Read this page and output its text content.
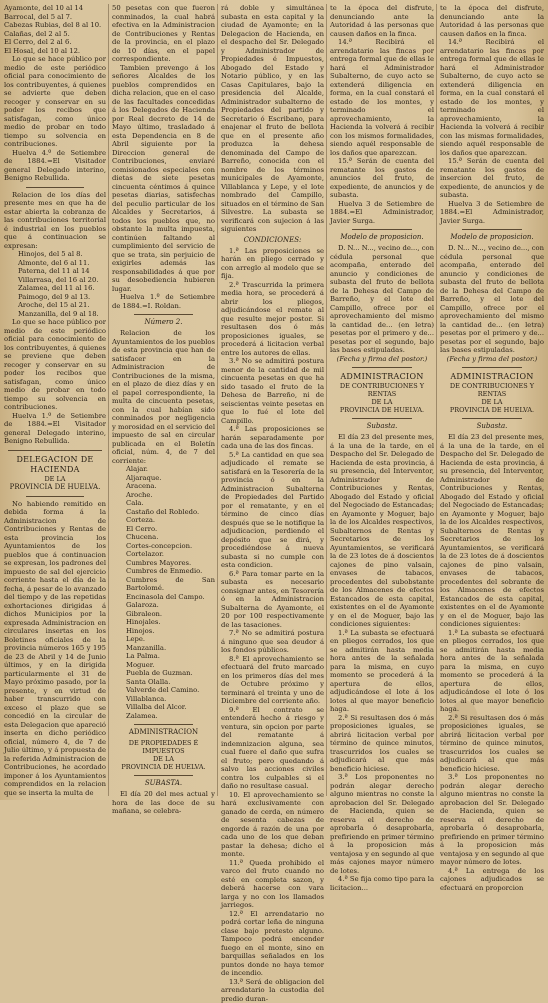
Ayamonte, del 10 al 14

Barrocal, del 5 al 7.

Cabezas Rubias, del 8 al 10.

Calañas, del 2 al 5.

El Cerro, del 2 al 6.

El Hosal, del 10 al 12.

Lo que se hace público por medio de este periódico oficial para conocimiento de los contribuyentes, á quienes se advierte que deben recoger y conservar en su poder los recibos que satisfagan, como único medio de probar en todo tiempo su solvencia en contribuciones.

Huelva 4.º de Setiembre de 1884.=El Visitador general Delegado interino, Benigno Rebullida.

Relacion de los días del presente mes en que ha de estar abierta la cobranza de las contribuciones territorial é industrial en los pueblos que á continuacion se expresan:

Hinojos, del 5 al 8.

Almonte, del 6 al 11.

Paterna, del 11 al 14

Villarrasa, del 16 al 20.

Zalamea, del 11 al 16.

Paimogo, del 9 al 13.

Aroche, del 15 al 21.

Manzanilla, del 9 al 18.

Lo que se hace público por medio de este periódico oficial para conocimiento de los contribuyentes, á quienes se previene que deben recoger y conservar en su poder los recibos que satisfagan, como único medio de probar en todo tiempo su solvencia en contribuciones.

Huelva 1.º de Setiembre de 1884.=El Visitador general Delegado interino, Benigno Rebullida.

DELEGACION DE HACIENDA
DE LA
PROVINCIA DE HUELVA.

No habiendo remitido en debida forma á la Administracion de Contribuciones y Rentas de esta provincia los Ayuntamientos de los pueblos que á continuacion se expresan, los padrones del impuesto de sal del ejercicio corriente hasta el día de la fecha, á pesar de lo avanzado del tiempo y de las repetidas exhortaciones dirigidas á dichos Municipios por la expresada Administracion en circulares insertas en los Boletines oficiales de la provincia números 165 y 195 de 23 de Abril y 14 de Junio últimos, y en la dirigida particularmente el 31 de Mayo próximo pasado, por la presente, y en virtud de haber transcurrido con exceso el plazo que se concedió en la circular de esta Delegacion que apareció inserta en dicho periódico oficial, número 4, de 7 de Julio último, y á propuesta de la referida Administracion de Contribuciones, he acordado imponer á los Ayuntamientos comprendidos en la relacion que se inserta la multa de

50 pesetas con que fueron conminados, la cual habrá efectiva en la Administracion de Contribuciones y Rentas de la provincia, en el plazo de 10 días, en el papel correspondiente.

Tambien prevengo á los señores Alcaldes de los pueblos comprendidos en dicha relacion, que en el caso de las facultades concedidas á los Delegados de Hacienda por Real decreto de 14 de Mayo último, trasladado á esta Dependencia en 8 de Abril siguiente por la Direccion general de Contribuciones, enviaré comisionados especiales con dietas de siete pesetas cincuenta céntimos á quince pesetas diarias, satisfechas del peculio particular de los Alcaldes y Secretarios, á todos los pueblos que, no obstante la multa impuesta, continúen faltando al cumplimiento del servicio de que se trata, sin perjuicio de exigirles además las responsabilidades á que por su desobediencia hubieren lugar.

Huelva 1.º de Setiembre de 1884.=I. Roldan.

Número 2.

Relacion de los Ayuntamientos de los pueblos de esta provincia que han de satisfacer en la Administracion de Contribuciones de la misma, en el plazo de diez días y en el papel correspondiente, la multa de cincuenta pesetas, con la cual habían sido conminados por negligencia y morosidad en el servicio del impuesto de sal en circular publicada en el Boletín oficial, núm. 4, de 7 del corriente:

Alajar.

Aljaraque.

Aracena.

Aroche.

Cala.

Castaño del Robledo.

Corteza.

El Cerro.

Chucena.

Cortes-concepcion.

Cortelazor.

Cumbres Mayores.

Cumbres de Enmedio.

Cumbres de San Bartolomé.

Encinasola del Campo.

Galaroza.

Gibraleon.

Hinojales.

Hinojos.

Lepe.

Manzanilla.

La Palma.

Moguer.

Puebla de Guzman.

Santa Olalla.

Valverde del Camino.

Villablanca.

Villalba del Alcor.

Zalamea.

ADMINISTRACION
DE PROPIEDADES É IMPUESTOS
DE LA
PROVINCIA DE HUELVA.
SUBASTA.

El día 20 del mes actual y hora de las doce de su mañana, se celebra-

rá doble y simultánea subasta en esta capital y la ciudad de Ayamonte; en la Delegacion de Hacienda, en el despacho del Sr. Delegado y Administrador de Propiedades é Impuestos, Abogado del Estado y Notario público, y en las Casas Capitulares, bajo la presidencia del Alcalde, Administrador subalterno de Propiedades del partido y Secretario ó Escribano, para enajenar el fruto de bellota que en el presente año produzca la dehesa denominada del Campo de Barreño, conocida con el nombre de los términos municipales de Ayamonte, Villablanca y Lepe, y el lote nombrado del Campillo, situados en el término de San Silvestre. La subasta se verificará con sujecion á las siguientes

CONDICIONES:

1.ª Las proposiciones se harán en pliego cerrado y con arreglo al modelo que se fija.

2.ª Trascurrida la primera media hora, se procederá á abrir los pliegos, adjudicándose el remate al que resulte mejor postor. Si resultasen dos ó más proposiciones iguales, se procederá á licitacion verbal entre los autores de ellas.

3.ª No se admitirá postura menor de la cantidad de mil cincuenta pesetas en que ha sido tasado el fruto de la Dehesa de Barreño, ni de seiscientas veinte pesetas en que lo fué el lote del Campillo.

4.ª Las proposiciones se harán separadamente por cada una de las dos fincas.

5.ª La cantidad en que sea adjudicado el remate se satisfará en la Tesorería de la provincia ó en la Administracion Subalterna de Propiedades del Partido por el rematante, y en el término de cinco días después que se le notifique la adjudicacion, perdiendo el depósito que se dirá, y procediéndose á nueva subasta si no cumple con esta condicion.

6.ª Para tomar parte en la subasta es necesario consignar antes, en Tesorería ó en la Administracion Subalterna de Ayamonte, el 20 por 100 respectivamente de las tasaciones.

7.ª No se admitirá postura á ninguno que sea deudor á los fondos públicos.

8.ª El aprovechamiento se efectuará del fruto marcado en los primeros días del mes de Octubre próximo y terminará el treinta y uno de Diciembre del corriente año.

9.ª El contrato se entenderá hecho á riesgo y ventura, sin opcion por parte del rematante á indemnizacion alguna, sea cual fuere el daño que sufra el fruto; pero quedando á salvo las acciones civiles contra los culpables si el daño no resultase casual.

10. El aprovechamiento se hará exclusivamente con ganado de cerda, en número de sesenta cabezas de engorde á razón de una por cada uno de los que deban pastar la dehesa; dicho el monte.

11.ª Queda prohibido el varco del fruto cuando no esté en completa sazon, y deberá hacerse con vara larga y no con los llamados jarriegos.

12.ª El arrendatario no podrá cortar leña de ninguna clase bajo pretesto alguno. Tampoco podrá encender fuego en el monte, sino en barquillas señalados en los puntos donde no haya temor de incendio.

13.ª Será de obligacion del arrendatario la custodia del predio duran-

te la época del disfrute, denunciando ante la Autoridad á las personas que causen daños en la finca.

14.ª Recibirá el arrendatario las fincas por entrega formal que de ellas le hará el Administrador Subalterno, de cuyo acto se extenderá diligencia en forma, en la cual constará el estado de los montes, y terminado el aprovechamiento, la Hacienda la volverá á recibir con los mismos formalidades, siendo aquél responsable de los daños que aparezcan.

15.ª Serán de cuenta del rematante los gastos de anuncios del fruto, de expediente, de anuncios y de subasta.

Huelva 3 de Setiembre de 1884.=El Administrador, Javier Surga.

Modelo de proposicion.

D. N... N..., vecino de..., con cédula personal que acompaña, enterado del anuncio y condiciones de subasta del fruto de bellota de la Dehesa del Campo de Barreño, y el lote del Campillo, ofrece por el aprovechamiento del mismo la cantidad de... (en letra) pesetas por el primero y de... pesetas por el segundo, bajo las bases estipuladas.

(Fecha y firma del postor.)

ADMINISTRACION
DE CONTRIBUCIONES Y RENTAS
DE LA
PROVINCIA DE HUELVA.
Subasta.

El día 23 del presente mes, á la una de la tarde, en el Despacho del Sr. Delegado de Hacienda de esta provincia, á su presencia, del Interventor, Administrador de Contribuciones y Rentas, Abogado del Estado y oficial del Negociado de Estancadas; en Ayamonte y Moguer, bajo la de los Alcaldes respectivos, Subalternos de Rentas y Secretarios de los Ayuntamientos, se verificará la de 23 lotes de á doscientos cajones de pino valsain, envases de tabacos, procedentes del subobstante de los Almacenes de efectos Estancados de esta capital, existentes en el de Ayamonte y en el de Moguer, bajo las condiciones siguientes:

1.ª La subasta se efectuará en pliegos cerrados, los que se admitirán hasta media hora antes de la señalada para la misma, en cuyo momento se procederá á la apertura de ellos, adjudicándose el lote á los lotes al que mayor beneficio haga.

2.ª Si resultasen dos ó más proposiciones iguales, se abrirá licitacion verbal por término de quince minutos, trascurridos los cuales se adjudicará al que más beneficio hiciese.

3.ª Los proponentes no podrán alegar derecho alguno mientras no conste la aprobacion del Sr. Delegado de Hacienda, quien se reserva el derecho de aprobarla ó desaprobarla, prefiriendo en primer término á la proposicion más ventajosa y en segundo al que más cajones mayor número de lotes.

4.ª Se fija como tipo para la licitacion...

te la época del disfrute, denunciando ante la Autoridad á las personas que causen daños en la finca.

14.ª Recibirá el arrendatario las fincas por entrega formal que de ellas le hará el Administrador Subalterno, de cuyo acto se extenderá diligencia en forma, en la cual constará el estado de los montes, y terminado el aprovechamiento, la Hacienda la volverá á recibir con las mismas formalidades, siendo aquél responsable de los daños que aparezcan.

15.ª Serán de cuenta del rematante los gastos de insercion del fruto, de expediente, de anuncios y de subasta.

Huelva 3 de Setiembre de 1884.=El Administrador, Javier Surga.

Modelo de proposicion.

D. N... N..., vecino de..., con cédula personal que acompaña, enterado del anuncio y condiciones de subasta del fruto de bellota de la Dehesa del Campo de Barreño, y el lote del Campillo, ofrece por el aprovechamiento del mismo la cantidad de... (en letra) pesetas por el primero y de... pesetas por el segundo, bajo las bases estipuladas.

(Fecha y firma del postor.)

ADMINISTRACION
DE CONTRIBUCIONES Y RENTAS
DE LA
PROVINCIA DE HUELVA.
Subasta.

El día 23 del presente mes, á la una de la tarde, en el Despacho del Sr. Delegado de Hacienda de esta provincia, á su presencia, del Interventor, Administrador de Contribuciones y Rentas, Abogado del Estado y oficial del Negociado de Estancadas; en Ayamonte y Moguer, bajo la de los Alcaldes respectivos, Subalternos de Rentas y Secretarios de los Ayuntamientos, se verificará la de 23 lotes de á doscientos cajones de pino valsain, envases de tabacos, procedentes del sobrante de los Almacenes de efectos Estancados de esta capital, existentes en el de Ayamonte y en el de Moguer, bajo las condiciones siguientes:

1.ª La subasta se efectuará en pliegos cerrados, los que se admitirán hasta media hora antes de la señalada para la misma, en cuyo momento se procederá á la apertura de ellos, adjudicándose el lote ó los lotes al que mayor beneficio haga.

2.ª Si resultasen dos ó más proposiciones iguales, se abrirá licitacion verbal por término de quince minutos, trascurridos los cuales se adjudicará al que más beneficio hiciese.

3.ª Los proponentes no podrán alegar derecho alguno mientras no conste la aprobacion del Sr. Delegado de Hacienda, quien se reserva el derecho de aprobarla ó desaprobarla, prefiriendo en primer término á la proposicion más ventajosa y en segundo al que mayor número de lotes.

4.ª La entrega de los cajones adjudicados se efectuará en proporcion
